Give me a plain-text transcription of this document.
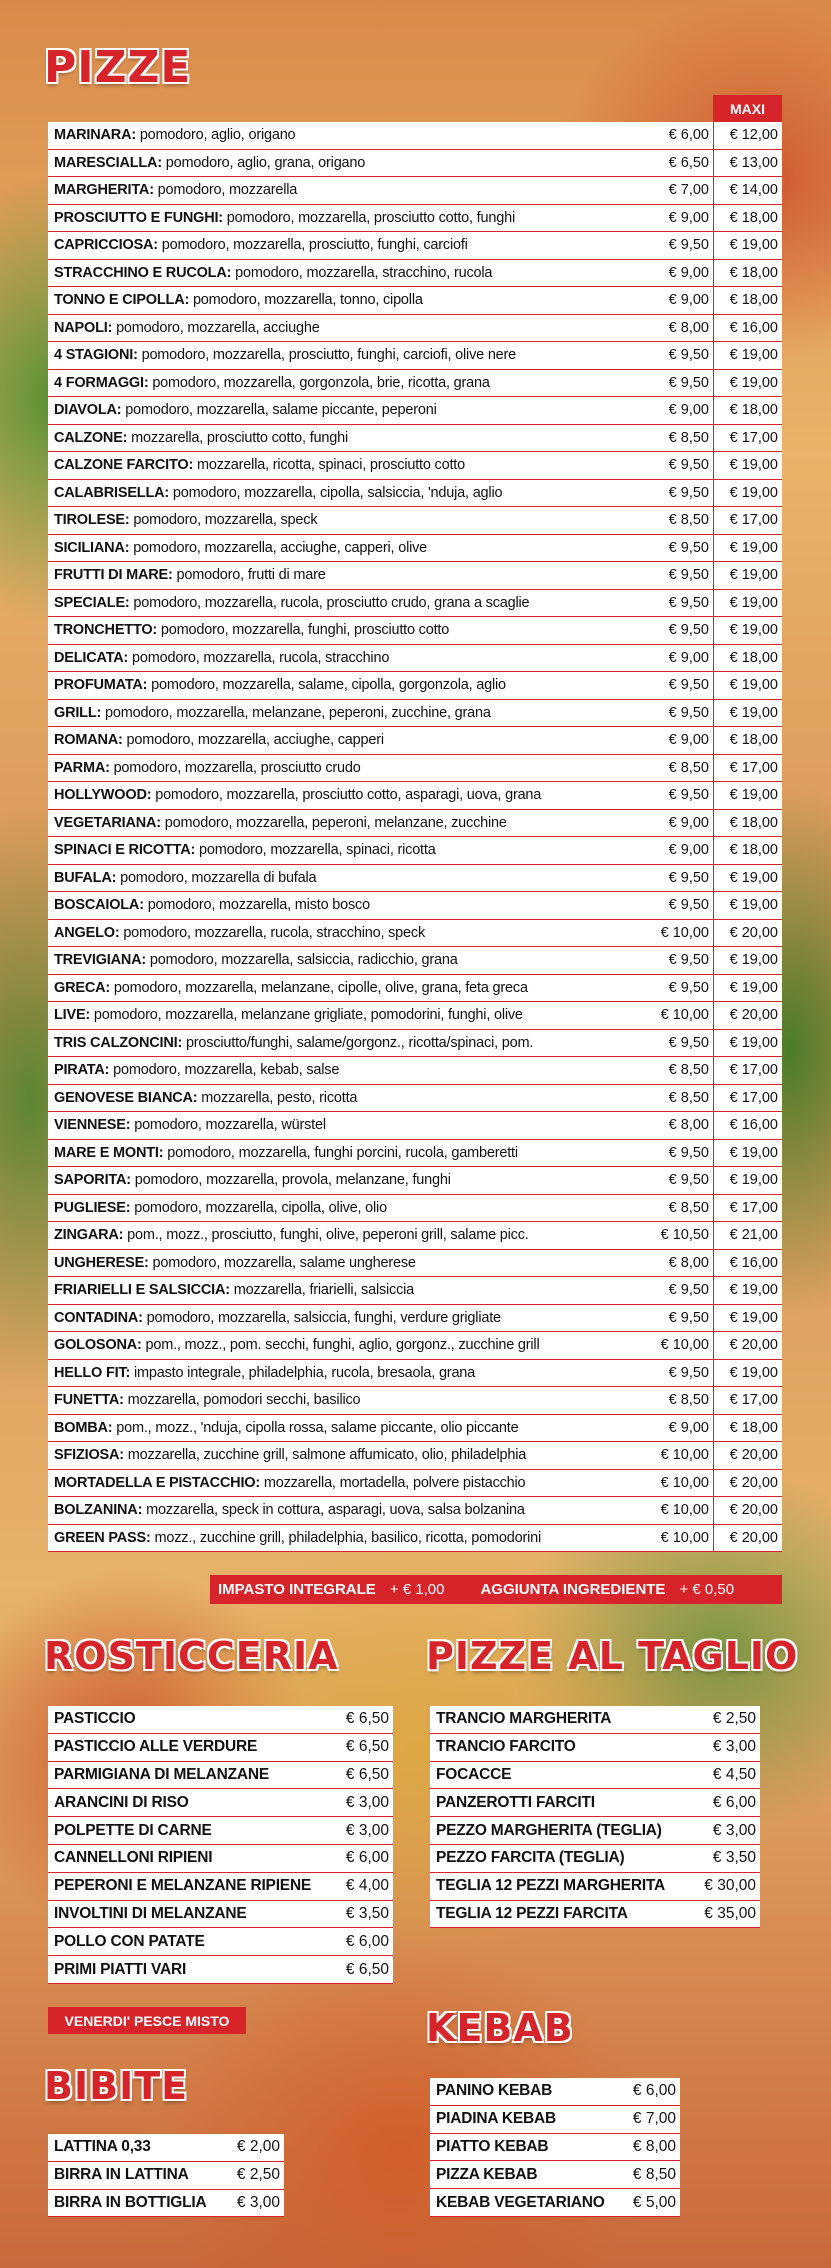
PIZZE
MAXI
MARINARA: pomodoro, aglio, origano	€ 6,00	€ 12,00
MARESCIALLA: pomodoro, aglio, grana, origano	€ 6,50	€ 13,00
MARGHERITA: pomodoro, mozzarella	€ 7,00	€ 14,00
PROSCIUTTO E FUNGHI: pomodoro, mozzarella, prosciutto cotto, funghi	€ 9,00	€ 18,00
CAPRICCIOSA: pomodoro, mozzarella, prosciutto, funghi, carciofi	€ 9,50	€ 19,00
STRACCHINO E RUCOLA: pomodoro, mozzarella, stracchino, rucola	€ 9,00	€ 18,00
TONNO E CIPOLLA: pomodoro, mozzarella, tonno, cipolla	€ 9,00	€ 18,00
NAPOLI: pomodoro, mozzarella, acciughe	€ 8,00	€ 16,00
4 STAGIONI: pomodoro, mozzarella, prosciutto, funghi, carciofi, olive nere	€ 9,50	€ 19,00
4 FORMAGGI: pomodoro, mozzarella, gorgonzola, brie, ricotta, grana	€ 9,50	€ 19,00
DIAVOLA: pomodoro, mozzarella, salame piccante, peperoni	€ 9,00	€ 18,00
CALZONE: mozzarella, prosciutto cotto, funghi	€ 8,50	€ 17,00
CALZONE FARCITO: mozzarella, ricotta, spinaci, prosciutto cotto	€ 9,50	€ 19,00
CALABRISELLA: pomodoro, mozzarella, cipolla, salsiccia, 'nduja, aglio	€ 9,50	€ 19,00
TIROLESE: pomodoro, mozzarella, speck	€ 8,50	€ 17,00
SICILIANA: pomodoro, mozzarella, acciughe, capperi, olive	€ 9,50	€ 19,00
FRUTTI DI MARE: pomodoro, frutti di mare	€ 9,50	€ 19,00
SPECIALE: pomodoro, mozzarella, rucola, prosciutto crudo, grana a scaglie	€ 9,50	€ 19,00
TRONCHETTO: pomodoro, mozzarella, funghi, prosciutto cotto	€ 9,50	€ 19,00
DELICATA: pomodoro, mozzarella, rucola, stracchino	€ 9,00	€ 18,00
PROFUMATA: pomodoro, mozzarella, salame, cipolla, gorgonzola, aglio	€ 9,50	€ 19,00
GRILL: pomodoro, mozzarella, melanzane, peperoni, zucchine, grana	€ 9,50	€ 19,00
ROMANA: pomodoro, mozzarella, acciughe, capperi	€ 9,00	€ 18,00
PARMA: pomodoro, mozzarella, prosciutto crudo	€ 8,50	€ 17,00
HOLLYWOOD: pomodoro, mozzarella, prosciutto cotto, asparagi, uova, grana	€ 9,50	€ 19,00
VEGETARIANA: pomodoro, mozzarella, peperoni, melanzane, zucchine	€ 9,00	€ 18,00
SPINACI E RICOTTA: pomodoro, mozzarella, spinaci, ricotta	€ 9,00	€ 18,00
BUFALA: pomodoro, mozzarella di bufala	€ 9,50	€ 19,00
BOSCAIOLA: pomodoro, mozzarella, misto bosco	€ 9,50	€ 19,00
ANGELO: pomodoro, mozzarella, rucola, stracchino, speck	€ 10,00	€ 20,00
TREVIGIANA: pomodoro, mozzarella, salsiccia, radicchio, grana	€ 9,50	€ 19,00
GRECA: pomodoro, mozzarella, melanzane, cipolle, olive, grana, feta greca	€ 9,50	€ 19,00
LIVE: pomodoro, mozzarella, melanzane grigliate, pomodorini, funghi, olive	€ 10,00	€ 20,00
TRIS CALZONCINI: prosciutto/funghi, salame/gorgonz., ricotta/spinaci, pom.	€ 9,50	€ 19,00
PIRATA: pomodoro, mozzarella, kebab, salse	€ 8,50	€ 17,00
GENOVESE BIANCA: mozzarella, pesto, ricotta	€ 8,50	€ 17,00
VIENNESE: pomodoro, mozzarella, würstel	€ 8,00	€ 16,00
MARE E MONTI: pomodoro, mozzarella, funghi porcini, rucola, gamberetti	€ 9,50	€ 19,00
SAPORITA: pomodoro, mozzarella, provola, melanzane, funghi	€ 9,50	€ 19,00
PUGLIESE: pomodoro, mozzarella, cipolla, olive, olio	€ 8,50	€ 17,00
ZINGARA: pom., mozz., prosciutto, funghi, olive, peperoni grill, salame picc.	€ 10,50	€ 21,00
UNGHERESE: pomodoro, mozzarella, salame ungherese	€ 8,00	€ 16,00
FRIARIELLI E SALSICCIA: mozzarella, friarielli, salsiccia	€ 9,50	€ 19,00
CONTADINA: pomodoro, mozzarella, salsiccia, funghi, verdure grigliate	€ 9,50	€ 19,00
GOLOSONA: pom., mozz., pom. secchi, funghi, aglio, gorgonz., zucchine grill	€ 10,00	€ 20,00
HELLO FIT: impasto integrale, philadelphia, rucola, bresaola, grana	€ 9,50	€ 19,00
FUNETTA: mozzarella, pomodori secchi, basilico	€ 8,50	€ 17,00
BOMBA: pom., mozz., 'nduja, cipolla rossa, salame piccante, olio piccante	€ 9,00	€ 18,00
SFIZIOSA: mozzarella, zucchine grill, salmone affumicato, olio, philadelphia	€ 10,00	€ 20,00
MORTADELLA E PISTACCHIO: mozzarella, mortadella, polvere pistacchio	€ 10,00	€ 20,00
BOLZANINA: mozzarella, speck in cottura, asparagi, uova, salsa bolzanina	€ 10,00	€ 20,00
GREEN PASS: mozz., zucchine grill, philadelphia, basilico, ricotta, pomodorini	€ 10,00	€ 20,00
IMPASTO INTEGRALE + € 1,00 AGGIUNTA INGREDIENTE + € 0,50
ROSTICCERIA
PASTICCIO	€ 6,50
PASTICCIO ALLE VERDURE	€ 6,50
PARMIGIANA DI MELANZANE	€ 6,50
ARANCINI DI RISO	€ 3,00
POLPETTE DI CARNE	€ 3,00
CANNELLONI RIPIENI	€ 6,00
PEPERONI E MELANZANE RIPIENE	€ 4,00
INVOLTINI DI MELANZANE	€ 3,50
POLLO CON PATATE	€ 6,00
PRIMI PIATTI VARI	€ 6,50
PIZZE AL TAGLIO
TRANCIO MARGHERITA	€ 2,50
TRANCIO FARCITO	€ 3,00
FOCACCE	€ 4,50
PANZEROTTI FARCITI	€ 6,00
PEZZO MARGHERITA (TEGLIA)	€ 3,00
PEZZO FARCITA (TEGLIA)	€ 3,50
TEGLIA 12 PEZZI MARGHERITA	€ 30,00
TEGLIA 12 PEZZI FARCITA	€ 35,00
VENERDI' PESCE MISTO
BIBITE
LATTINA 0,33	€ 2,00
BIRRA IN LATTINA	€ 2,50
BIRRA IN BOTTIGLIA	€ 3,00
KEBAB
PANINO KEBAB	€ 6,00
PIADINA KEBAB	€ 7,00
PIATTO KEBAB	€ 8,00
PIZZA KEBAB	€ 8,50
KEBAB VEGETARIANO	€ 5,00
